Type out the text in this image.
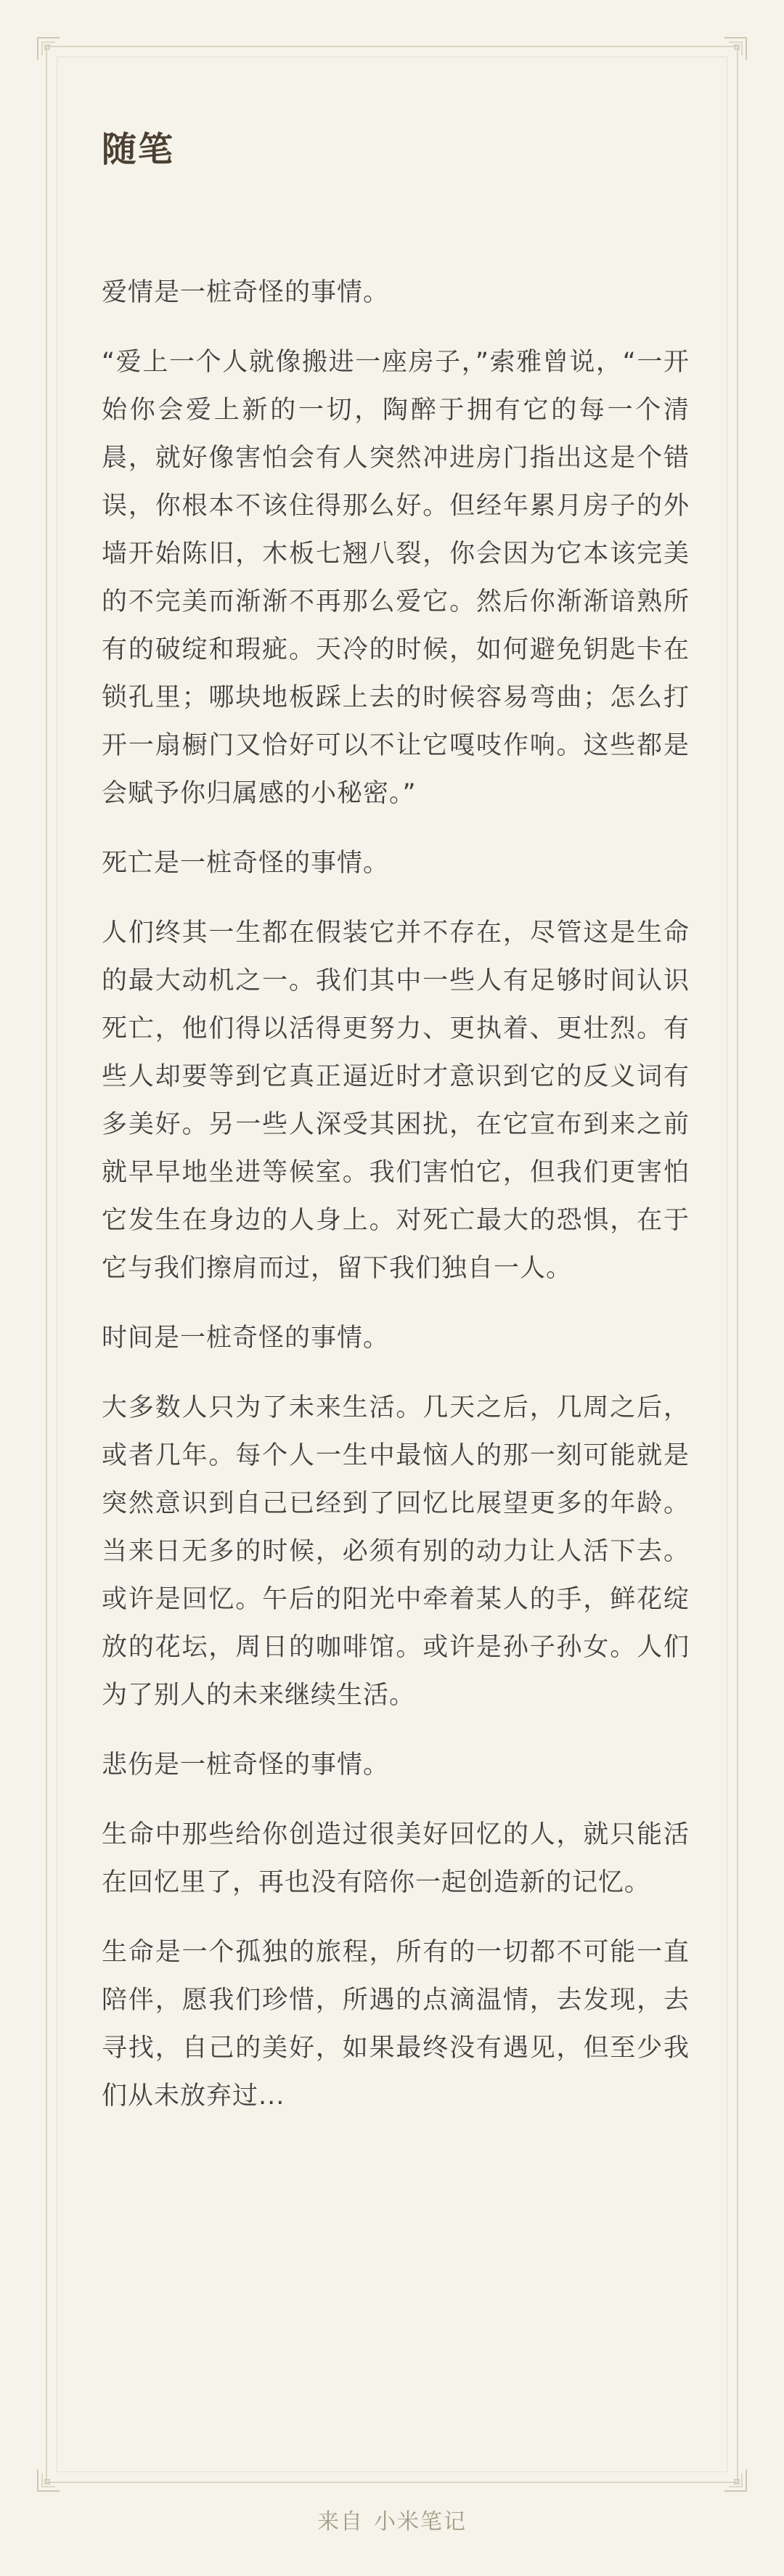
随笔

爱情是一桩奇怪的事情。

“爱上一个人就像搬进一座房子，”索雅曾说，“一开始你会爱上新的一切，陶醉于拥有它的每一个清晨，就好像害怕会有人突然冲进房门指出这是个错误，你根本不该住得那么好。但经年累月房子的外墙开始陈旧，木板七翘八裂，你会因为它本该完美的不完美而渐渐不再那么爱它。然后你渐渐谙熟所有的破绽和瑕疵。天冷的时候，如何避免钥匙卡在锁孔里；哪块地板踩上去的时候容易弯曲；怎么打开一扇橱门又恰好可以不让它嘎吱作响。这些都是会赋予你归属感的小秘密。”

死亡是一桩奇怪的事情。

人们终其一生都在假装它并不存在，尽管这是生命的最大动机之一。我们其中一些人有足够时间认识死亡，他们得以活得更努力、更执着、更壮烈。有些人却要等到它真正逼近时才意识到它的反义词有多美好。另一些人深受其困扰，在它宣布到来之前就早早地坐进等候室。我们害怕它，但我们更害怕它发生在身边的人身上。对死亡最大的恐惧，在于它与我们擦肩而过，留下我们独自一人。

时间是一桩奇怪的事情。

大多数人只为了未来生活。几天之后，几周之后，或者几年。每个人一生中最恼人的那一刻可能就是突然意识到自己已经到了回忆比展望更多的年龄。当来日无多的时候，必须有别的动力让人活下去。或许是回忆。午后的阳光中牵着某人的手，鲜花绽放的花坛，周日的咖啡馆。或许是孙子孙女。人们为了别人的未来继续生活。

悲伤是一桩奇怪的事情。

生命中那些给你创造过很美好回忆的人，就只能活在回忆里了，再也没有陪你一起创造新的记忆。

生命是一个孤独的旅程，所有的一切都不可能一直陪伴，愿我们珍惜，所遇的点滴温情，去发现，去寻找，自己的美好，如果最终没有遇见，但至少我们从未放弃过...

来自 小米笔记
